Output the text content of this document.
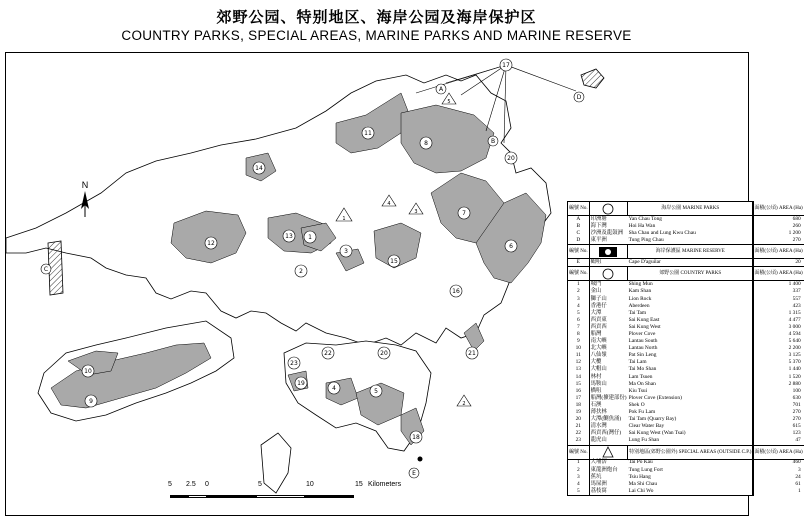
郊野公园、特别地区、海岸公园及海岸保护区
COUNTRY PARKS, SPECIAL AREAS, MARINE PARKS AND MARINE RESERVE
11
8
17
7
6
20
14
12
13	1
2
3
15
16
10
9
22
23
20	21
19
4	5
18
A
B
C
D
E
1
2
3
4
5
N
編號 No.		海岸公園 MARINE PARKS	面積(公頃) AREA (Ha)
A	印洲塘	Yan Chau Tong	680
B	海下灣	Hoi Ha Wan	260
C	沙洲及龍鼓洲	Sha Chau and Lung Kwu Chau	1 200
D	東平洲	Tung Ping Chau	270
編號 No.		海岸保護區 MARINE RESERVE	面積(公頃) AREA (Ha)
E	鶴咀	Cape D'aguilar	20
編號 No.		郊野公園 COUNTRY PARKS	面積(公頃) AREA (Ha)
1	城門	Shing Mun	1 400
2	金山	Kam Shan	337
3	獅子山	Lion Rock	557
4	香港仔	Aberdeen	423
5	大潭	Tai Tam	1 315
6	西貢東	Sai Kung East	4 477
7	西貢西	Sai Kung West	3 000
8	船灣	Plover Cove	4 594
9	南大嶼	Lantau South	5 640
10	北大嶼	Lantau North	2 200
11	八仙嶺	Pat Sin Leng	3 125
12	大欖	Tai Lam	5 370
13	大帽山	Tai Mo Shan	1 440
14	林村	Lam Tsuen	1 520
15	馬鞍山	Ma On Shan	2 880
16	橋咀	Kiu Tsui	100
17	船灣(擴建部份)	Plover Cove (Extension)	630
18	石澳	Shek O	701
19	薄扶林	Pok Fu Lam	270
20	大潭(鰂魚涌)	Tai Tam (Quarry Bay)	270
21	清水灣	Clear Water Bay	615
22	西貢西(灣仔)	Sai Kung West (Wan Tsai)	123
23	龍虎山	Lung Fu Shan	47
編號 No.		特別地區(郊野公園外) SPECIAL AREAS (OUTSIDE C.P.)	面積(公頃) AREA (Ha)
1	大埔滘	Tai Po Kau	460
2	東龍洲炮台	Tung Lung Fort	3
3	蕉坑	Tsiu Hang	24
4	馬屎洲	Ma Shi Chau	61
5	荔枝窩	Lai Chi Wo	1
5 2.5 0	5	10	15 Kilometers
